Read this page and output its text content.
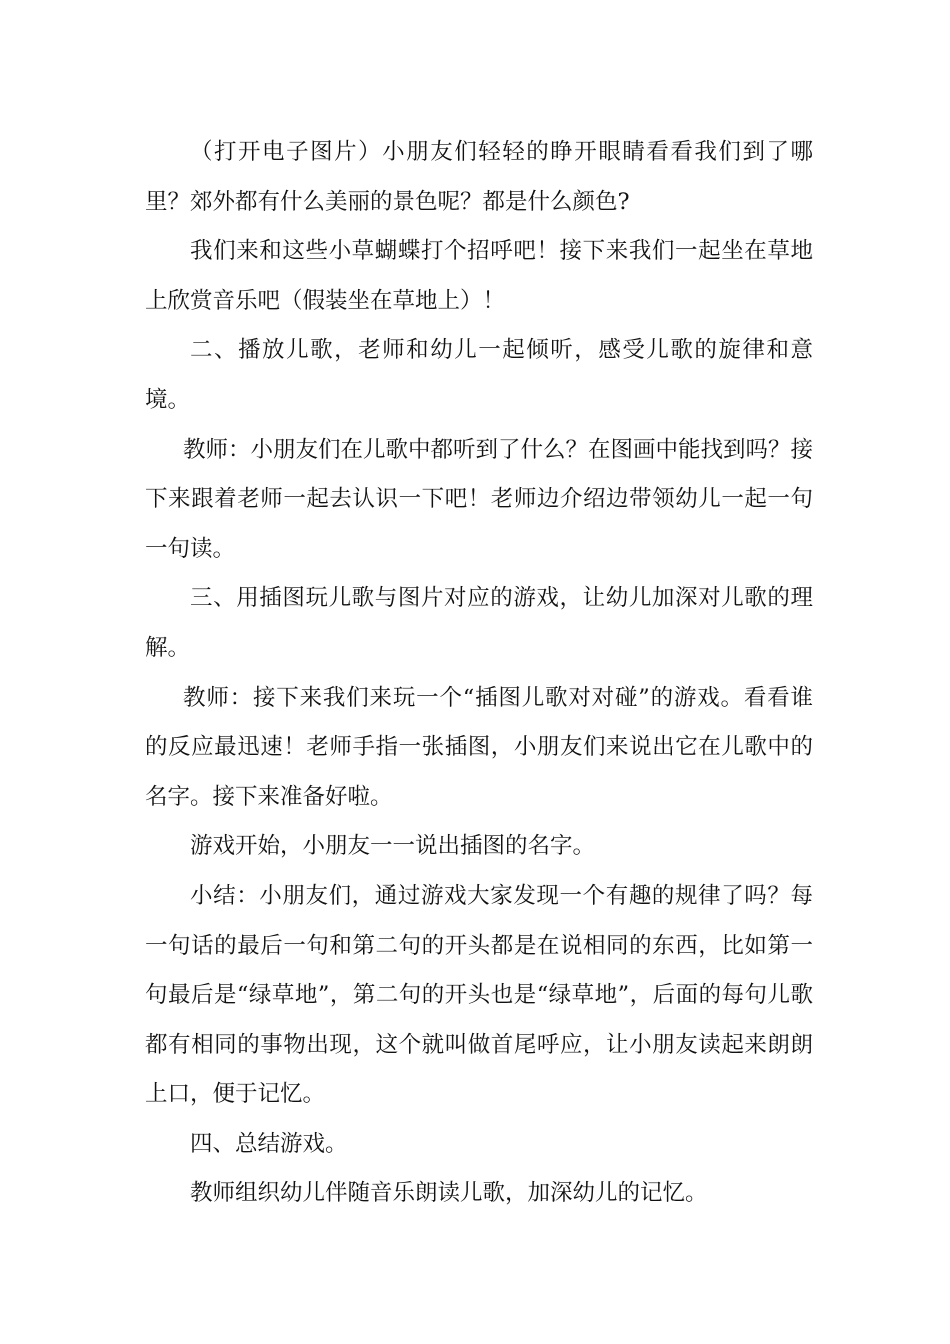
（打开电子图片）小朋友们轻轻的睁开眼睛看看我们到了哪里？郊外都有什么美丽的景色呢？都是什么颜色?

我们来和这些小草蝴蝶打个招呼吧！接下来我们一起坐在草地上欣赏音乐吧（假装坐在草地上）！

二、播放儿歌，老师和幼儿一起倾听，感受儿歌的旋律和意境。

教师：小朋友们在儿歌中都听到了什么？在图画中能找到吗？接下来跟着老师一起去认识一下吧！老师边介绍边带领幼儿一起一句一句读。

三、用插图玩儿歌与图片对应的游戏，让幼儿加深对儿歌的理解。

教师：接下来我们来玩一个“插图儿歌对对碰”的游戏。看看谁的反应最迅速！老师手指一张插图，小朋友们来说出它在儿歌中的名字。接下来准备好啦。

游戏开始，小朋友一一说出插图的名字。

小结：小朋友们，通过游戏大家发现一个有趣的规律了吗？每一句话的最后一句和第二句的开头都是在说相同的东西，比如第一句最后是“绿草地”，第二句的开头也是“绿草地”，后面的每句儿歌都有相同的事物出现，这个就叫做首尾呼应，让小朋友读起来朗朗上口，便于记忆。

四、总结游戏。

教师组织幼儿伴随音乐朗读儿歌，加深幼儿的记忆。
